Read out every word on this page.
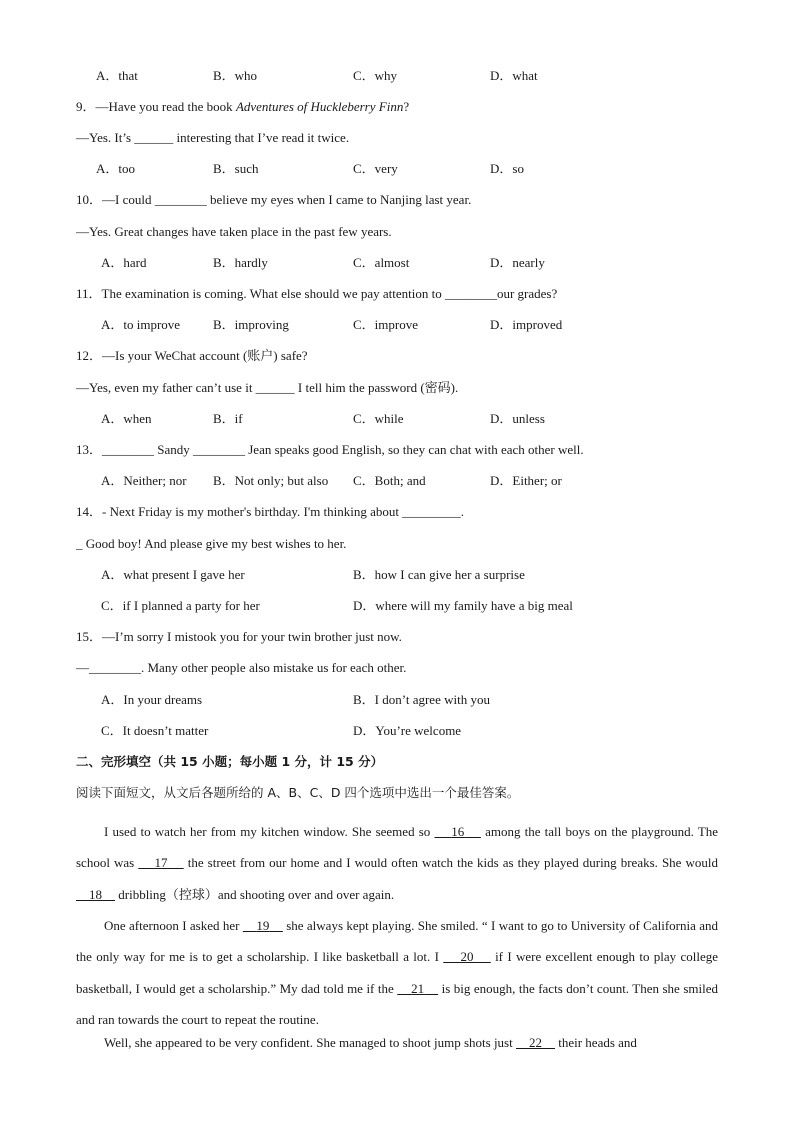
A．that	B．who	C．why	D．what
9．—Have you read the book Adventures of Huckleberry Finn?
—Yes. It’s ______ interesting that I’ve read it twice.
A．too	B．such	C．very	D．so
10．—I could ________ believe my eyes when I came to Nanjing last year.
—Yes. Great changes have taken place in the past few years.
A．hard	B．hardly	C．almost	D．nearly
11．The examination is coming. What else should we pay attention to ________our grades?
A．to improve	B．improving	C．improve	D．improved
12．—Is your WeChat account (账户) safe?
—Yes, even my father can’t use it ______ I tell him the password (密码).
A．when	B．if	C．while	D．unless
13．________ Sandy ________ Jean speaks good English, so they can chat with each other well.
A．Neither; nor B．Not only; but also C．Both; and	D．Either; or
14．- Next Friday is my mother's birthday. I'm thinking about _________.
_ Good boy! And please give my best wishes to her.
A．what present I gave her	B．how I can give her a surprise
C．if I planned a party for her	D．where will my family have a big meal
15．—I’m sorry I mistook you for your twin brother just now.
—________. Many other people also mistake us for each other.
A．In your dreams	B．I don’t agree with you
C．It doesn’t matter	D．You’re welcome
二、完形填空（共 15 小题；每小题 1 分，计 15 分）
阅读下面短文，从文后各题所给的 A、B、C、D 四个选项中选出一个最佳答案。
I used to watch her from my kitchen window. She seemed so     16     among the tall boys on the playground. The school was     17     the street from our home and I would often watch the kids as they played during breaks. She would     18     dribbling（控球）and shooting over and over again.
One afternoon I asked her     19     she always kept playing. She smiled. “ I want to go to University of California and the only way for me is to get a scholarship. I like basketball a lot. I     20     if I were excellent enough to play college basketball, I would get a scholarship.” My dad told me if the     21     is big enough, the facts don’t count. Then she smiled and ran towards the court to repeat the routine.
Well, she appeared to be very confident. She managed to shoot jump shots just     22     their heads and
